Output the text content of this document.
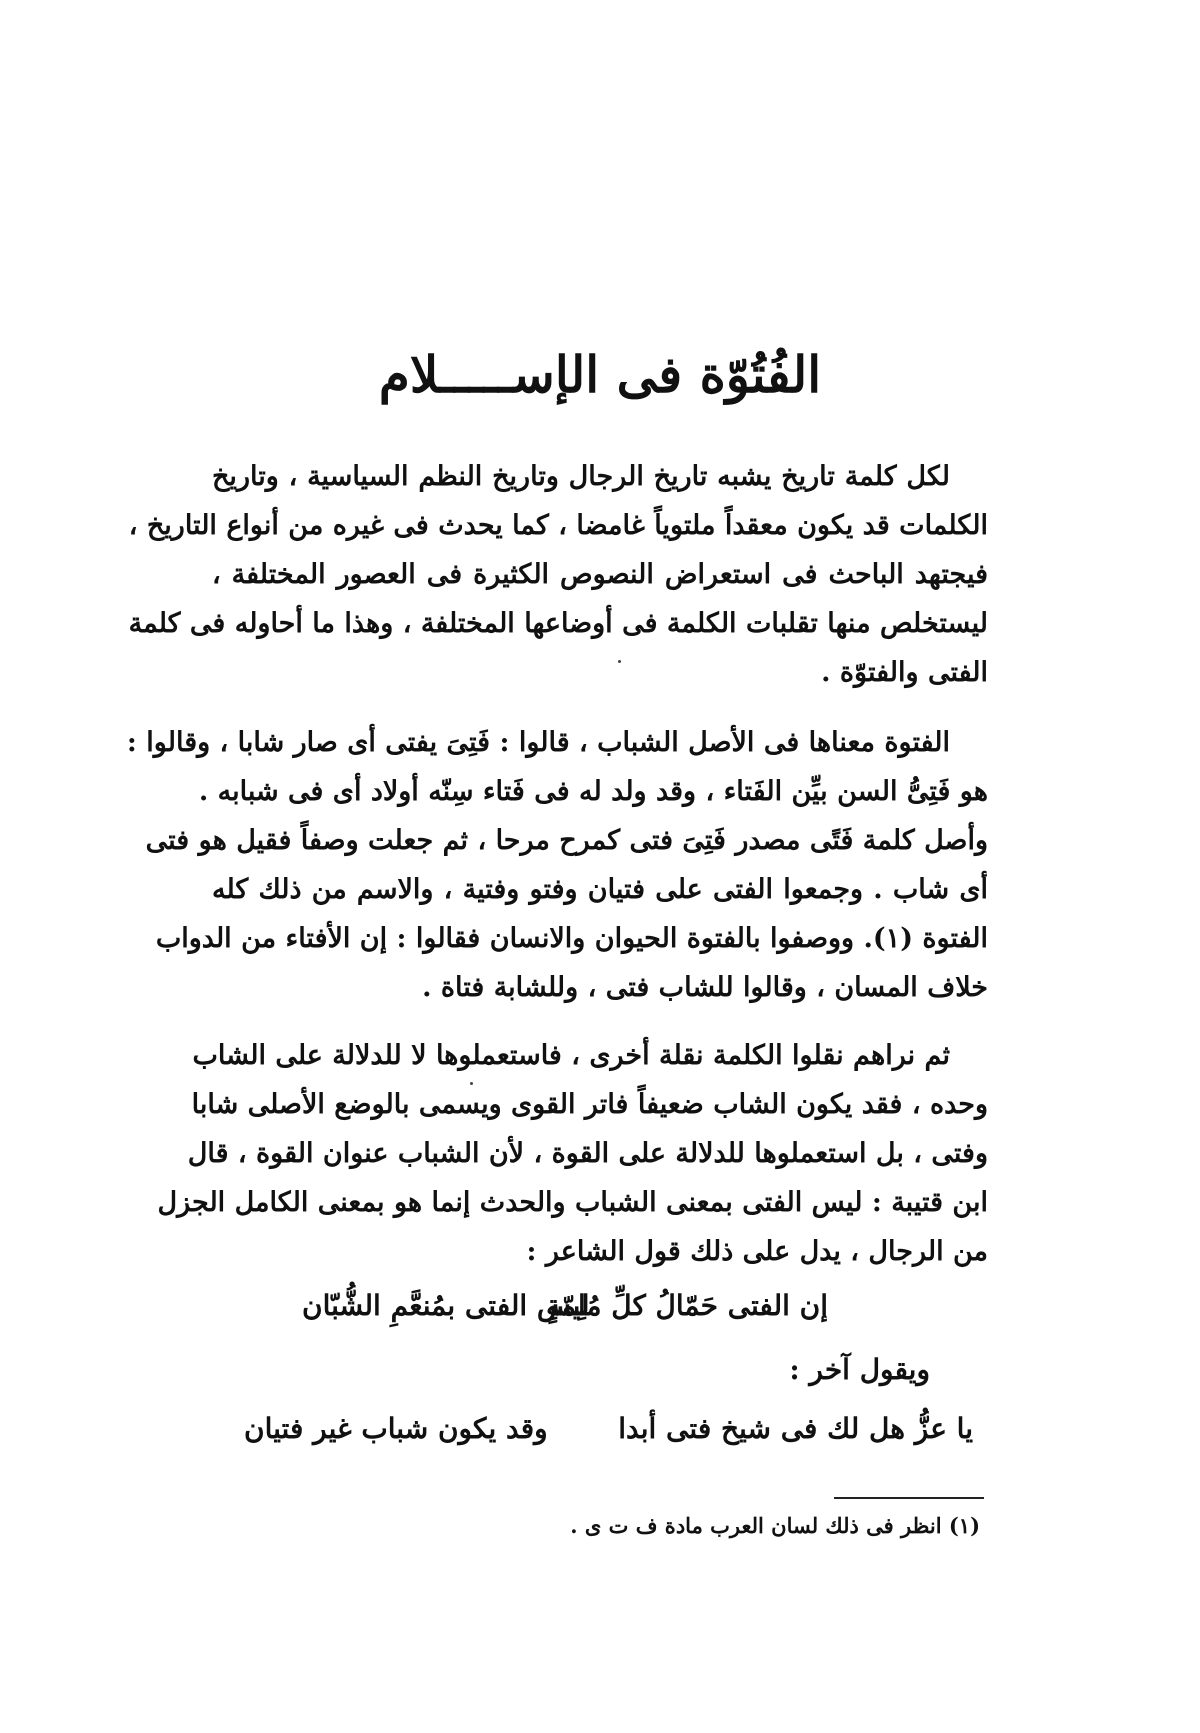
الفُتُوّة فى الإســـــلام
لكل كلمة تاريخ يشبه تاريخ الرجال وتاريخ النظم السياسية ، وتاريخ
الكلمات قد يكون معقداً ملتوياً غامضا ، كما يحدث فى غيره من أنواع التاريخ ،
فيجتهد الباحث فى استعراض النصوص الكثيرة فى العصور المختلفة ،
ليستخلص منها تقلبات الكلمة فى أوضاعها المختلفة ، وهذا ما أحاوله فى كلمة
الفتى والفتوّة .
الفتوة معناها فى الأصل الشباب ، قالوا : فَتِىَ يفتى أى صار شابا ، وقالوا :
هو فَتِىُّ السن بيِّن الفَتاء ، وقد ولد له فى فَتاء سِنّه أولاد أى فى شبابه .
وأصل كلمة فَتًى مصدر فَتِىَ فتى كمرح مرحا ، ثم جعلت وصفاً فقيل هو فتى
أى شاب . وجمعوا الفتى على فتيان وفتو وفتية ، والاسم من ذلك كله
الفتوة (١). ووصفوا بالفتوة الحيوان والانسان فقالوا : إن الأفتاء من الدواب
خلاف المسان ، وقالوا للشاب فتى ، وللشابة فتاة .
ثم نراهم نقلوا الكلمة نقلة أخرى ، فاستعملوها لا للدلالة على الشاب
وحده ، فقد يكون الشاب ضعيفاً فاتر القوى ويسمى بالوضع الأصلى شابا
وفتى ، بل استعملوها للدلالة على القوة ، لأن الشباب عنوان القوة ، قال
ابن قتيبة : ليس الفتى بمعنى الشباب والحدث إنما هو بمعنى الكامل الجزل
من الرجال ، يدل على ذلك قول الشاعر :
إن الفتى حَمّالُ كلِّ مُلِمّةٍ
ليس الفتى بمُنعَّمِ الشُّبّان
ويقول آخر :
يا عزُّ هل لك فى شيخ فتى أبدا
وقد يكون شباب غير فتيان
(١) انظر فى ذلك لسان العرب مادة ف ت ى .
